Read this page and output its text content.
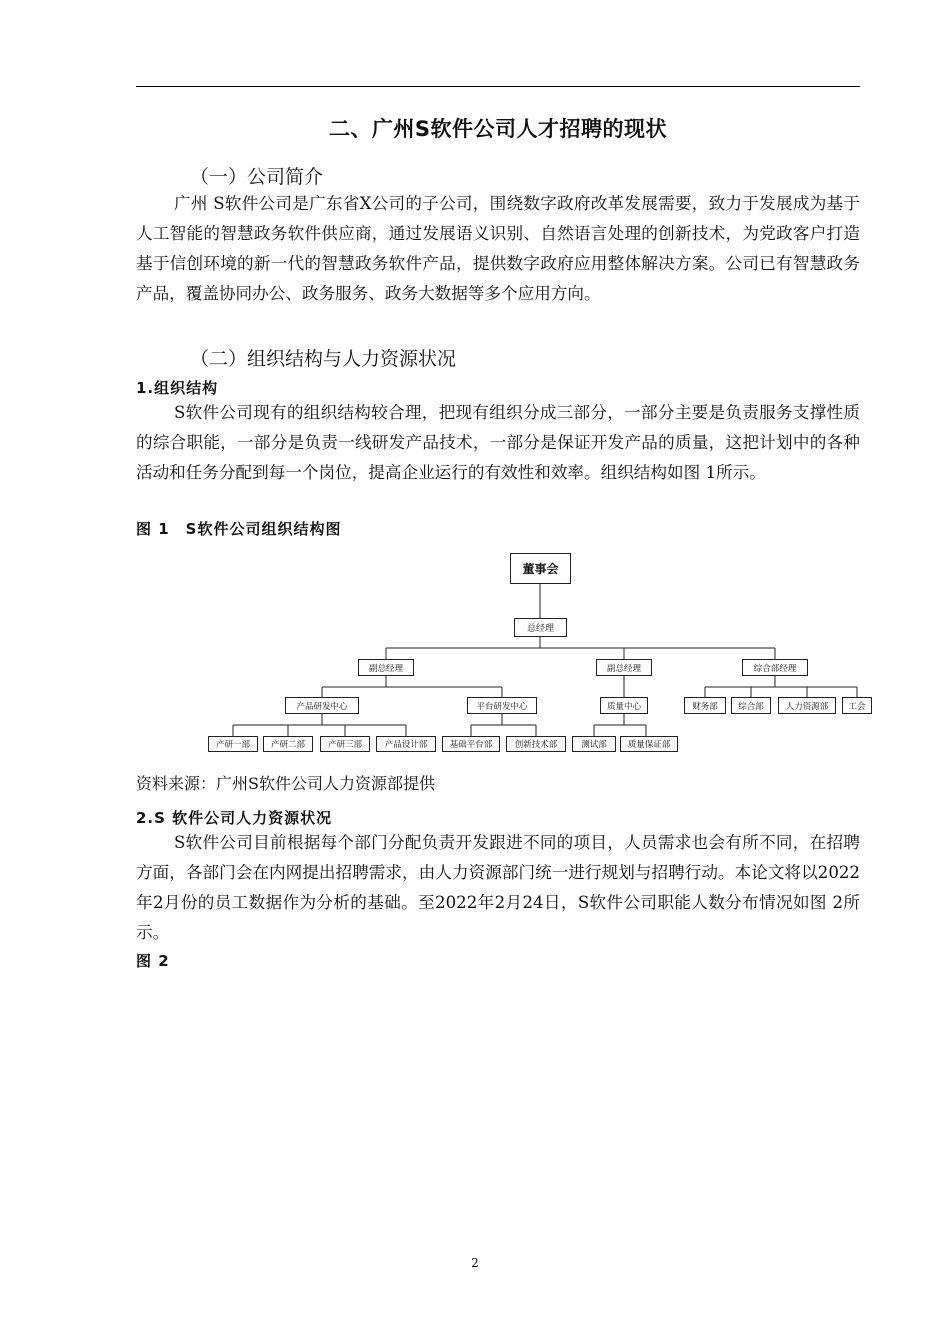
二、广州S软件公司人才招聘的现状
（一）公司简介

广州 S软件公司是广东省X公司的子公司，围绕数字政府改革发展需要，致力于发展成为基于人工智能的智慧政务软件供应商，通过发展语义识别、自然语言处理的创新技术，为党政客户打造基于信创环境的新一代的智慧政务软件产品，提供数字政府应用整体解决方案。公司已有智慧政务产品，覆盖协同办公、政务服务、政务大数据等多个应用方向。

（二）组织结构与人力资源状况
1.组织结构

S软件公司现有的组织结构较合理，把现有组织分成三部分，一部分主要是负责服务支撑性质的综合职能，一部分是负责一线研发产品技术，一部分是保证开发产品的质量，这把计划中的各种活动和任务分配到每一个岗位，提高企业运行的有效性和效率。组织结构如图 1所示。

图 1　S软件公司组织结构图
董事会
总经理
副总经理	副总经理	综合部经理
产品研发中心	平台研发中心	质量中心	财务部	综合部	人力资源部	工会
产研一部	产研二部	产研三部	产品设计部	基础平台部	创新技术部	测试部	质量保证部
资料来源：广州S软件公司人力资源部提供
2.S 软件公司人力资源状况

S软件公司目前根据每个部门分配负责开发跟进不同的项目，人员需求也会有所不同，在招聘方面，各部门会在内网提出招聘需求，由人力资源部门统一进行规划与招聘行动。本论文将以2022年2月份的员工数据作为分析的基础。至2022年2月24日，S软件公司职能人数分布情况如图 2所示。

图 2
2
